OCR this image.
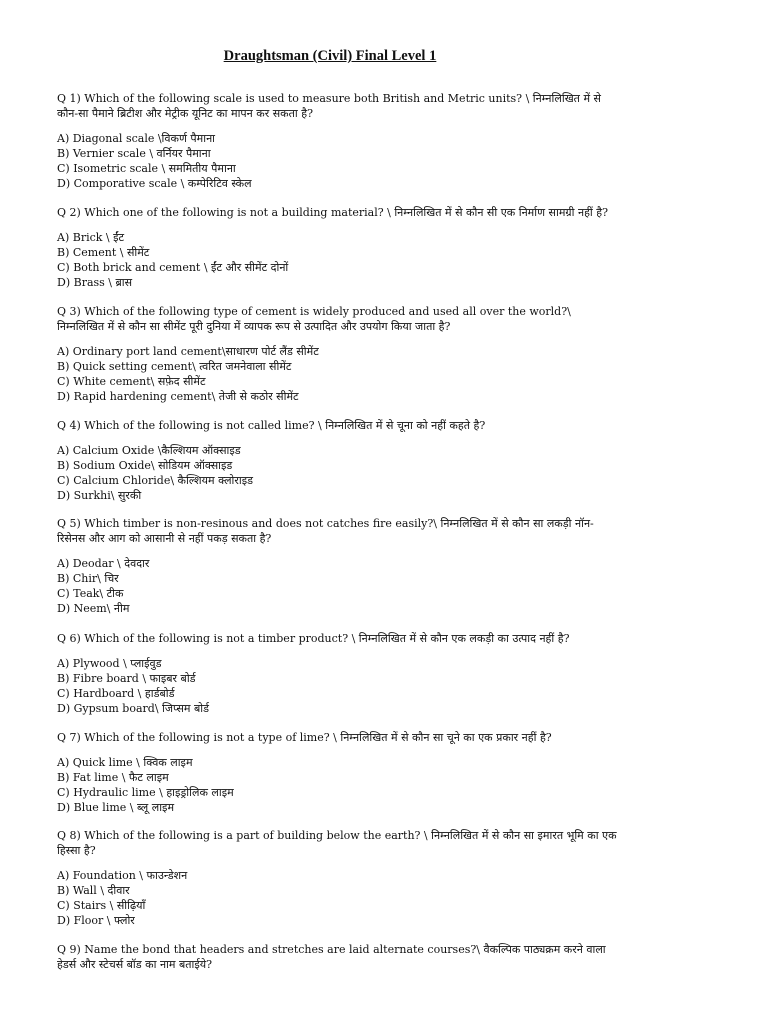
Draughtsman (Civil) Final Level 1

Q 1) Which of the following scale is used to measure both British and Metric units? \ निम्नलिखित में से कौन-सा पैमाने ब्रिटीश और मेट्रीक यूनिट का मापन कर सकता है?

A) Diagonal scale \विकर्ण पैमाना
B) Vernier scale \ वर्नियर पैमाना
C) Isometric scale \ सममितीय पैमाना
D) Comporative scale \ कम्पेरिटिव स्केल

Q 2) Which one of the following is not a building material? \ निम्नलिखित में से कौन सी एक निर्माण सामग्री नहीं है?

A) Brick \ ईंट
B) Cement \ सीमेंट
C) Both brick and cement \ ईंट और सीमेंट दोनों
D) Brass \ ब्रास

Q 3) Which of the following type of cement is widely produced and used all over the world?\ निम्नलिखित में से कौन सा सीमेंट पूरी दुनिया में व्यापक रूप से उत्पादित और उपयोग किया जाता है?

A) Ordinary port land cement\साधारण पोर्ट लैंड सीमेंट
B) Quick setting cement\ त्वरित जमनेवाला सीमेंट
C) White cement\ सफ़ेद सीमेंट
D) Rapid hardening cement\ तेजी से कठोर सीमेंट

Q 4) Which of the following is not called lime? \ निम्नलिखित में से चूना को नहीं कहते है?

A) Calcium Oxide \कैल्शियम ऑक्साइड
B) Sodium Oxide\ सोडियम ऑक्साइड
C) Calcium Chloride\ कैल्शियम क्लोराइड
D) Surkhi\ सुरकी

Q 5) Which timber is non-resinous and does not catches fire easily?\ निम्नलिखित में से कौन सा लकड़ी नॉन-रिसेनस और आग को आसानी से नहीं पकड़ सकता है?

A) Deodar \ देवदार
B) Chir\ चिर
C) Teak\ टीक
D) Neem\ नीम

Q 6) Which of the following is not a timber product? \ निम्नलिखित में से कौन एक लकड़ी का उत्पाद नहीं है?

A) Plywood \ प्लाईवुड
B) Fibre board \ फाइबर बोर्ड
C) Hardboard \ हार्डबोर्ड
D) Gypsum board\ जिप्सम बोर्ड

Q 7) Which of the following is not a type of lime? \ निम्नलिखित में से कौन सा चूने का एक प्रकार नहीं है?

A) Quick lime \ क्विक लाइम
B) Fat lime \ फैट लाइम
C) Hydraulic lime \ हाइड्रोलिक लाइम
D) Blue lime \ ब्लू लाइम

Q 8) Which of the following is a part of building below the earth? \ निम्नलिखित में से कौन सा इमारत भूमि का एक हिस्सा है?

A) Foundation \ फाउन्डेशन
B) Wall \ दीवार
C) Stairs \ सीढ़ियाँ
D) Floor \ फ्लोर

Q 9) Name the bond that headers and stretches are laid alternate courses?\ वैकल्पिक पाठ्यक्रम करने वाला हेडर्स और स्टेचर्स बॉड का नाम बताईये?
